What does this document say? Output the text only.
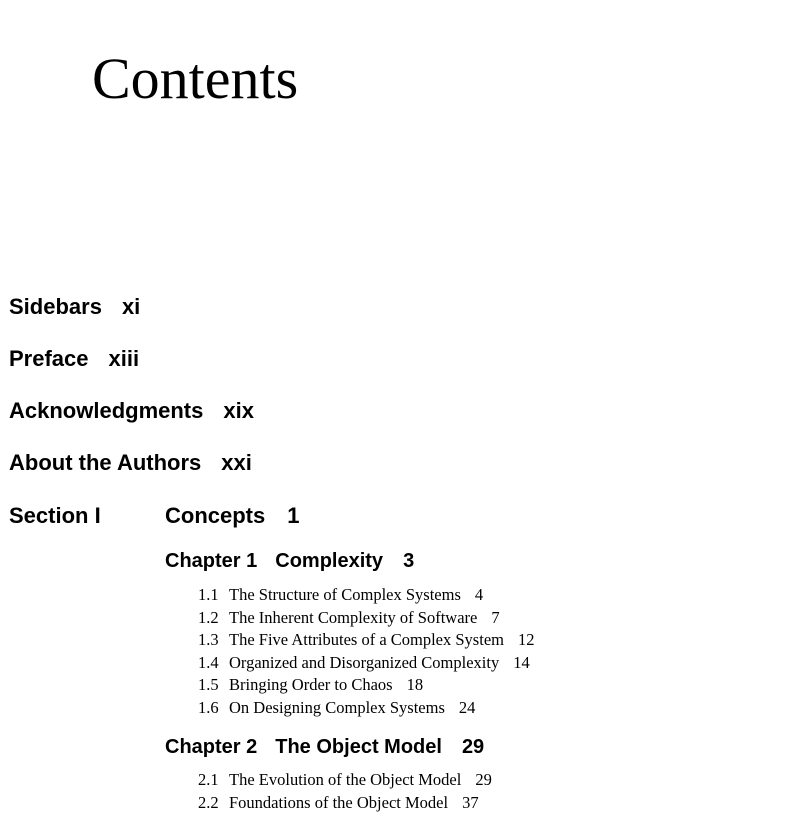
Contents
Sidebars xi
Preface xiii
Acknowledgments xix
About the Authors xxi
Section I	Concepts 1
Chapter 1 Complexity 3
1.1 The Structure of Complex Systems 4
1.2 The Inherent Complexity of Software 7
1.3 The Five Attributes of a Complex System 12
1.4 Organized and Disorganized Complexity 14
1.5 Bringing Order to Chaos 18
1.6 On Designing Complex Systems 24
Chapter 2 The Object Model 29
2.1 The Evolution of the Object Model 29
2.2 Foundations of the Object Model 37
